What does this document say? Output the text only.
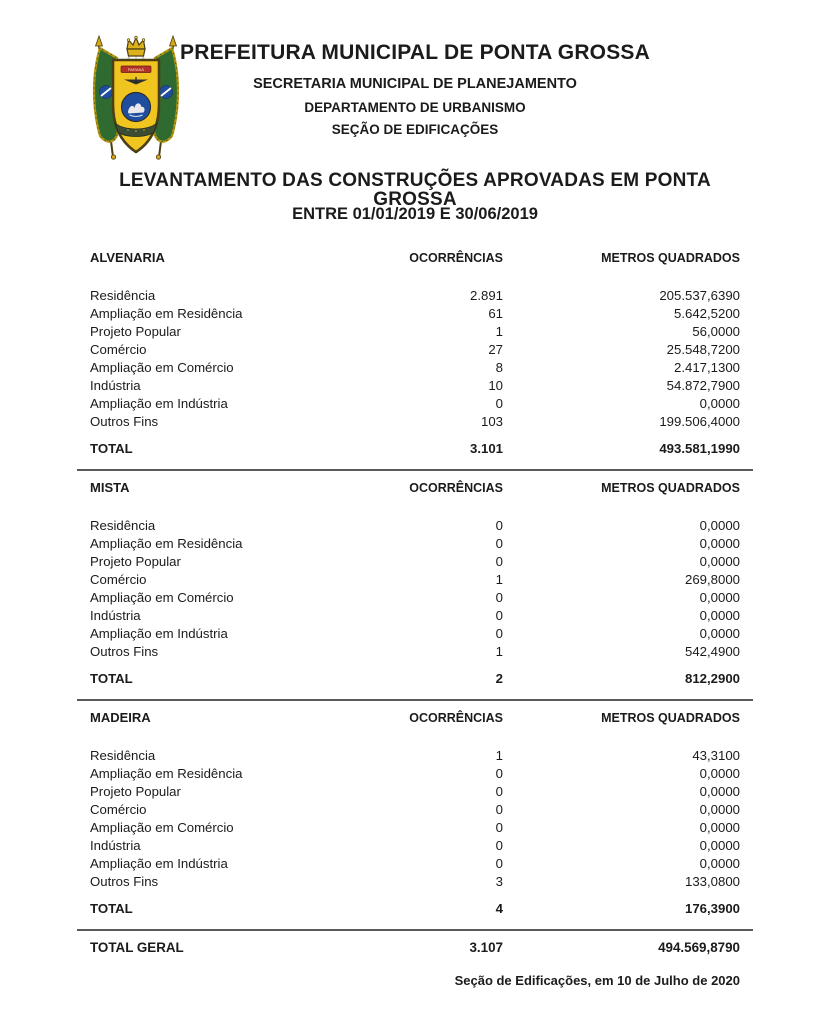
PARANÁ
PREFEITURA MUNICIPAL DE PONTA GROSSA
SECRETARIA MUNICIPAL DE PLANEJAMENTO
DEPARTAMENTO DE URBANISMO
SEÇÃO DE EDIFICAÇÕES
LEVANTAMENTO DAS CONSTRUÇÕES APROVADAS EM PONTA GROSSA
ENTRE 01/01/2019 E 30/06/2019
ALVENARIA	OCORRÊNCIAS	METROS QUADRADOS
Residência	2.891	205.537,6390
Ampliação em Residência	61	5.642,5200
Projeto Popular	1	56,0000
Comércio	27	25.548,7200
Ampliação em Comércio	8	2.417,1300
Indústria	10	54.872,7900
Ampliação em Indústria	0	0,0000
Outros Fins	103	199.506,4000
TOTAL	3.101	493.581,1990
MISTA	OCORRÊNCIAS	METROS QUADRADOS
Residência	0	0,0000
Ampliação em Residência	0	0,0000
Projeto Popular	0	0,0000
Comércio	1	269,8000
Ampliação em Comércio	0	0,0000
Indústria	0	0,0000
Ampliação em Indústria	0	0,0000
Outros Fins	1	542,4900
TOTAL	2	812,2900
MADEIRA	OCORRÊNCIAS	METROS QUADRADOS
Residência	1	43,3100
Ampliação em Residência	0	0,0000
Projeto Popular	0	0,0000
Comércio	0	0,0000
Ampliação em Comércio	0	0,0000
Indústria	0	0,0000
Ampliação em Indústria	0	0,0000
Outros Fins	3	133,0800
TOTAL	4	176,3900
TOTAL GERAL	3.107	494.569,8790
Seção de Edificações, em 10 de Julho de 2020
